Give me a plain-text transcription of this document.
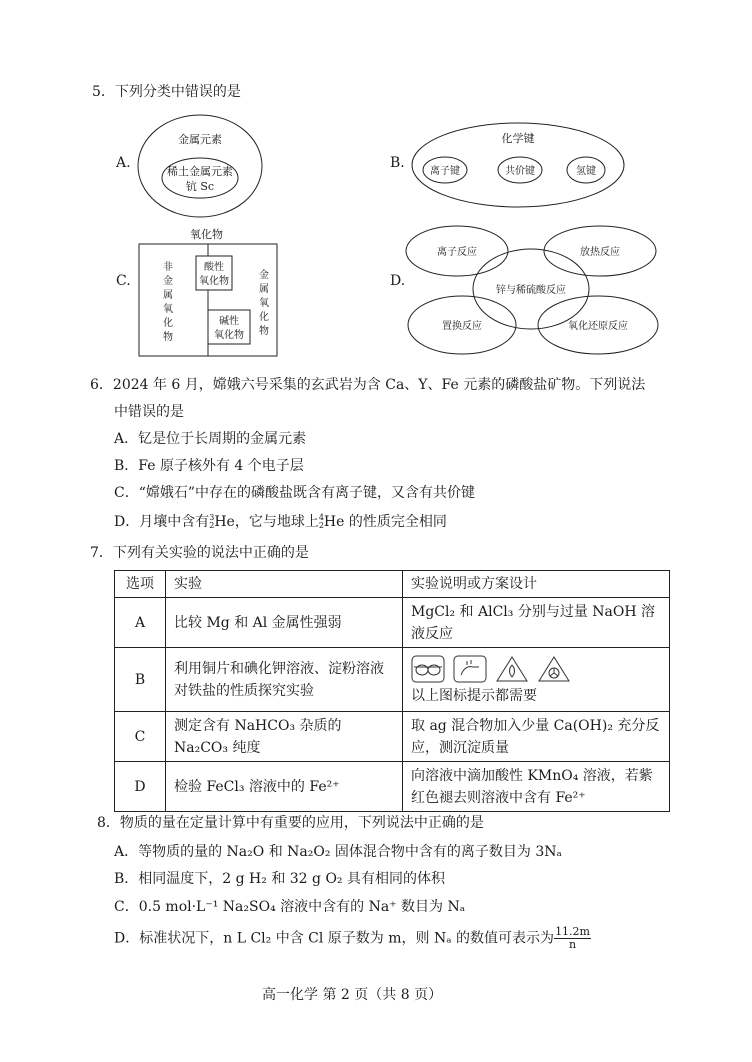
5．下列分类中错误的是
A.
金属元素
稀土金属元素
钪 Sc
B.
化学键
离子键	共价键	氢键
C.
氧化物
酸性
氧化物
碱性
氧化物
非
金
属
氧
化
物
金
属
氧
化
物
D.
离子反应	放热反应
锌与稀硫酸反应
置换反应	氧化还原反应
6．2024 年 6 月，嫦娥六号采集的玄武岩为含 Ca、Y、Fe 元素的磷酸盐矿物。下列说法
中错误的是
A．钇是位于长周期的金属元素
B．Fe 原子核外有 4 个电子层
C．“嫦娥石”中存在的磷酸盐既含有离子键，又含有共价键
D．月壤中含有 3
2 He，它与地球上 4
2 He 的性质完全相同
7．下列有关实验的说法中正确的是
选项	实验	实验说明或方案设计
A	比较 Mg 和 Al 金属性强弱	MgCl₂ 和 AlCl₃ 分别与过量 NaOH 溶液反应
B	利用铜片和碘化钾溶液、淀粉溶液对铁盐的性质探究实验	以上图标提示都需要

C	测定含有 NaHCO₃ 杂质的 Na₂CO₃ 纯度	取 ag 混合物加入少量 Ca(OH)₂ 充分反应，测沉淀质量
D	检验 FeCl₃ 溶液中的 Fe²⁺	向溶液中滴加酸性 KMnO₄ 溶液，若紫红色褪去则溶液中含有 Fe²⁺
8．物质的量在定量计算中有重要的应用，下列说法中正确的是
A．等物质的量的 Na₂O 和 Na₂O₂ 固体混合物中含有的离子数目为 3Nₐ
B．相同温度下，2 g H₂ 和 32 g O₂ 具有相同的体积
C．0.5 mol·L⁻¹ Na₂SO₄ 溶液中含有的 Na⁺ 数目为 Nₐ
D．标准状况下，n L Cl₂ 中含 Cl 原子数为 m，则 Nₐ 的数值可表示为 $\frac{11.2m}{n}$
高一化学 第 2 页（共 8 页）
